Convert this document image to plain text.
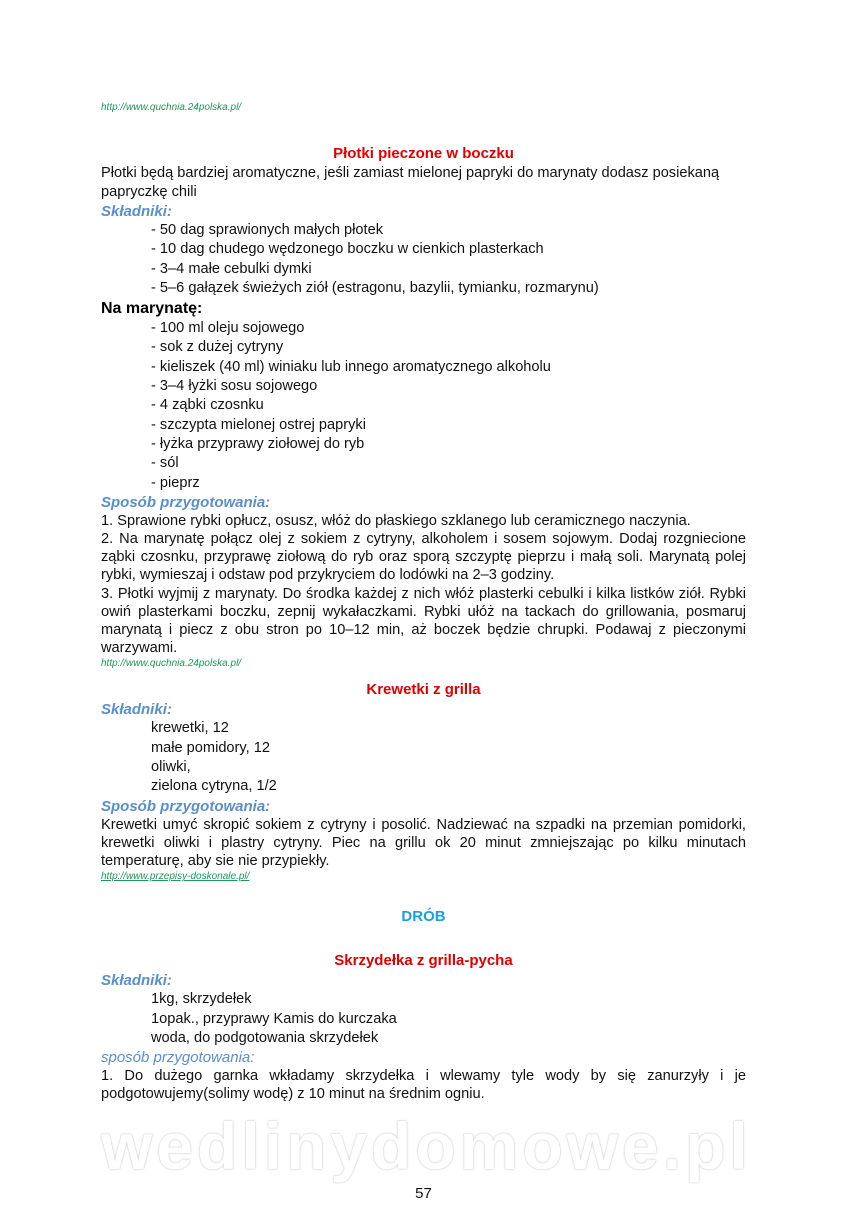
http://www.quchnia.24polska.pl/
Płotki pieczone w boczku
Płotki będą bardziej aromatyczne, jeśli zamiast mielonej papryki do marynaty dodasz posiekaną papryczkę chili
Składniki:
- 50 dag sprawionych małych płotek
- 10 dag chudego wędzonego boczku w cienkich plasterkach
- 3–4 małe cebulki dymki
- 5–6 gałązek świeżych ziół (estragonu, bazylii, tymianku, rozmarynu)
Na marynatę:
- 100 ml oleju sojowego
- sok z dużej cytryny
- kieliszek (40 ml) winiaku lub innego aromatycznego alkoholu
- 3–4 łyżki sosu sojowego
- 4 ząbki czosnku
- szczypta mielonej ostrej papryki
- łyżka przyprawy ziołowej do ryb
- sól
- pieprz
Sposób przygotowania:
1. Sprawione rybki opłucz, osusz, włóż do płaskiego szklanego lub ceramicznego naczynia.
2. Na marynatę połącz olej z sokiem z cytryny, alkoholem i sosem sojowym. Dodaj rozgniecione ząbki czosnku, przyprawę ziołową do ryb oraz sporą szczyptę pieprzu i małą soli. Marynatą polej rybki, wymieszaj i odstaw pod przykryciem do lodówki na 2–3 godziny.
3. Płotki wyjmij z marynaty. Do środka każdej z nich włóż plasterki cebulki i kilka listków ziół. Rybki owiń plasterkami boczku, zepnij wykałaczkami. Rybki ułóż na tackach do grillowania, posmaruj marynatą i piecz z obu stron po 10–12 min, aż boczek będzie chrupki. Podawaj z pieczonymi warzywami.
http://www.quchnia.24polska.pl/
Krewetki z grilla
Składniki:
krewetki, 12
małe pomidory, 12
oliwki,
zielona cytryna, 1/2
Sposób przygotowania:
Krewetki umyć skropić sokiem z cytryny i posolić. Nadziewać na szpadki na przemian pomidorki, krewetki oliwki i plastry cytryny. Piec na grillu ok 20 minut zmniejszając po kilku minutach temperaturę, aby sie nie przypiekły.
http://www.przepisy-doskonale.pl/
DRÓB
Skrzydełka z grilla-pycha
Składniki:
1kg, skrzydełek
1opak., przyprawy Kamis do kurczaka
woda, do podgotowania skrzydełek
sposób przygotowania:
1. Do dużego garnka wkładamy skrzydełka i wlewamy tyle wody by się zanurzyły i je podgotowujemy(solimy wodę) z 10 minut na średnim ogniu.
wedlinydomowe.pl
57
